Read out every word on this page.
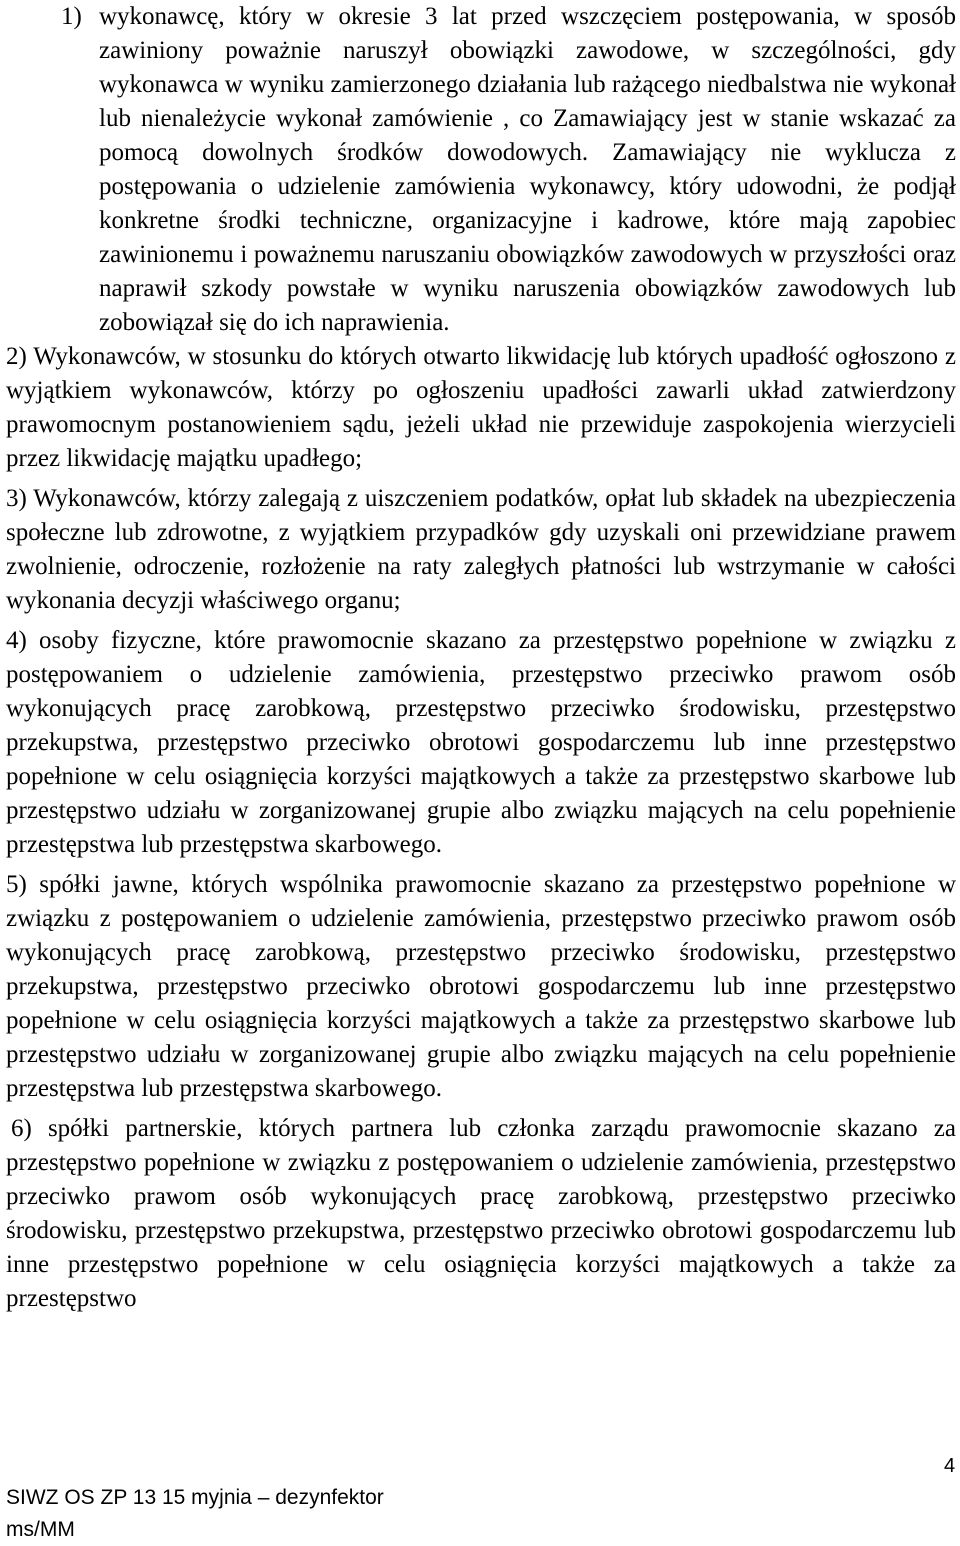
1) wykonawcę, który w okresie 3 lat przed wszczęciem postępowania, w sposób zawiniony poważnie naruszył obowiązki zawodowe, w szczególności, gdy wykonawca w wyniku zamierzonego działania lub rażącego niedbalstwa nie wykonał lub nienależycie wykonał zamówienie , co Zamawiający jest w stanie wskazać za pomocą dowolnych środków dowodowych. Zamawiający nie wyklucza z postępowania o udzielenie zamówienia wykonawcy, który udowodni, że podjął konkretne środki techniczne, organizacyjne i kadrowe, które mają zapobiec zawinionemu i poważnemu naruszaniu obowiązków zawodowych w przyszłości oraz naprawił szkody powstałe w wyniku naruszenia obowiązków zawodowych lub zobowiązał się do ich naprawienia.

2) Wykonawców, w stosunku do których otwarto likwidację lub których upadłość ogłoszono z wyjątkiem wykonawców, którzy po ogłoszeniu upadłości zawarli układ zatwierdzony prawomocnym postanowieniem sądu, jeżeli układ nie przewiduje zaspokojenia wierzycieli przez likwidację majątku upadłego;

3) Wykonawców, którzy zalegają z uiszczeniem podatków, opłat lub składek na ubezpieczenia społeczne lub zdrowotne, z wyjątkiem przypadków gdy uzyskali oni przewidziane prawem zwolnienie, odroczenie, rozłożenie na raty zaległych płatności lub wstrzymanie w całości wykonania decyzji właściwego organu;

4) osoby fizyczne, które prawomocnie skazano za przestępstwo popełnione w związku z postępowaniem o udzielenie zamówienia, przestępstwo przeciwko prawom osób wykonujących pracę zarobkową, przestępstwo przeciwko środowisku, przestępstwo przekupstwa, przestępstwo przeciwko obrotowi gospodarczemu lub inne przestępstwo popełnione w celu osiągnięcia korzyści majątkowych a także za przestępstwo skarbowe lub przestępstwo udziału w zorganizowanej grupie albo związku mających na celu popełnienie przestępstwa lub przestępstwa skarbowego.

5) spółki jawne, których wspólnika prawomocnie skazano za przestępstwo popełnione w związku z postępowaniem o udzielenie zamówienia, przestępstwo przeciwko prawom osób wykonujących pracę zarobkową, przestępstwo przeciwko środowisku, przestępstwo przekupstwa, przestępstwo przeciwko obrotowi gospodarczemu lub inne przestępstwo popełnione w celu osiągnięcia korzyści majątkowych a także za przestępstwo skarbowe lub przestępstwo udziału w zorganizowanej grupie albo związku mających na celu popełnienie przestępstwa lub przestępstwa skarbowego.

6) spółki partnerskie, których partnera lub członka zarządu prawomocnie skazano za przestępstwo popełnione w związku z postępowaniem o udzielenie zamówienia, przestępstwo przeciwko prawom osób wykonujących pracę zarobkową, przestępstwo przeciwko środowisku, przestępstwo przekupstwa, przestępstwo przeciwko obrotowi gospodarczemu lub inne przestępstwo popełnione w celu osiągnięcia korzyści majątkowych a także za przestępstwo

4
SIWZ OS ZP 13 15 myjnia – dezynfektor
ms/MM
